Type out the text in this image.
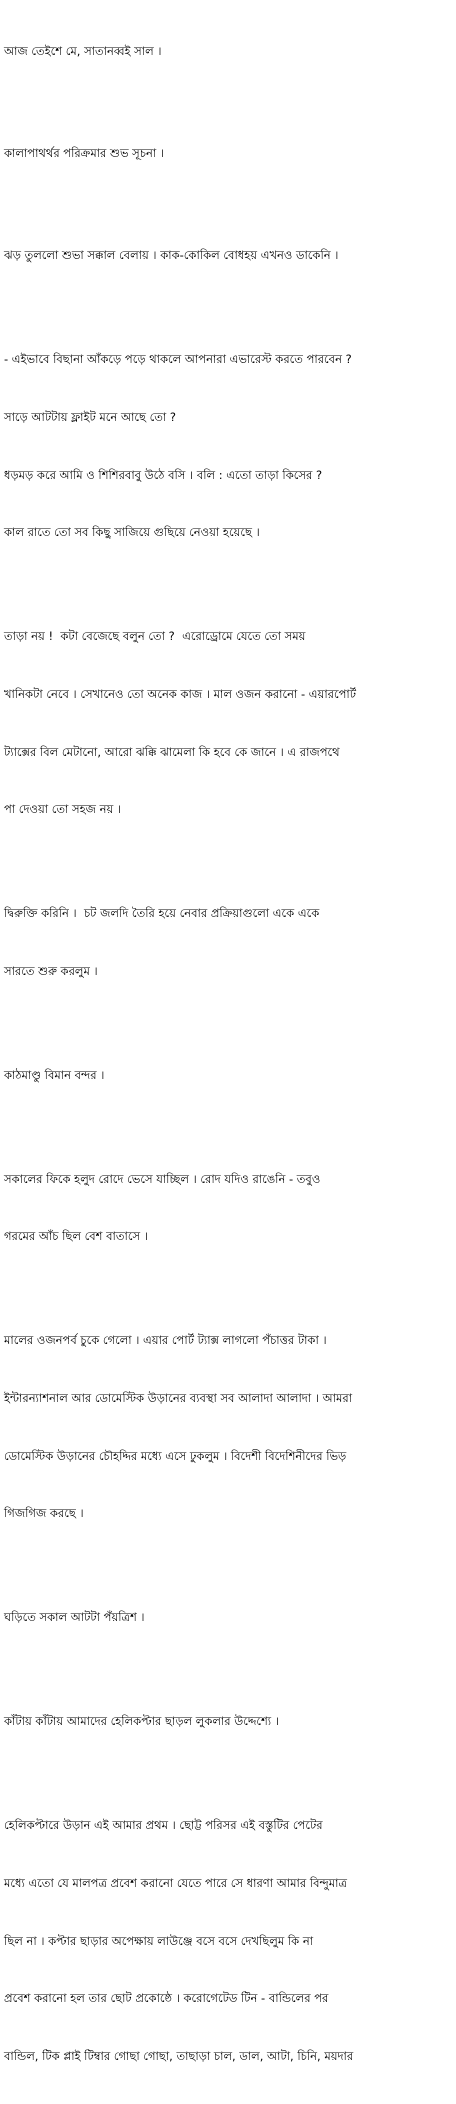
আজ তেইশে মে, সাতানব্বই সাল ।

কালাপাথর্থর পরিক্রমার শুভ সূচনা ।

ঝড় তুললো শুভা সক্কাল বেলায় । কাক-কোকিল বোধহয় এখনও ডাকেনি ।

- এইভাবে বিছানা আঁকড়ে পড়ে থাকলে আপনারা এভারেস্ট করতে পারবেন ?

সাড়ে আটটায় ফ্লাইট মনে আছে তো ?

ধড়মড় করে আমি ও শিশিরবাবু উঠে বসি । বলি : এতো তাড়া কিসের ?

কাল রাতে তো সব কিছু সাজিয়ে গুছিয়ে নেওয়া হয়েছে ।

তাড়া নয় !  কটা বেজেছে বলুন তো ?  এরোড্রোমে যেতে তো সময়

খানিকটা নেবে । সেখানেও তো অনেক কাজ । মাল ওজন করানো - এয়ারপোর্ট

ট্যাক্সের বিল মেটানো, আরো ঝক্কি ঝামেলা কি হবে কে জানে । এ রাজপথে

পা দেওয়া তো সহজ নয় ।

দ্বিরুক্তি করিনি ।  চট জলদি তৈরি হয়ে নেবার প্রক্রিয়াগুলো একে একে

সারতে শুরু করলুম ।

কাঠমাণ্ডু বিমান বন্দর ।

সকালের ফিকে হলুদ রোদে ভেসে যাচ্ছিল । রোদ যদিও রাঙেনি - তবুও

গরমের আঁচ ছিল বেশ বাতাসে ।

মালের ওজনপর্ব চুকে গেলো । এয়ার পোর্ট ট্যাক্স লাগলো পঁচাত্তর টাকা ।

ইন্টারন্যাশনাল আর ডোমেস্টিক উড়ানের ব্যবস্থা সব আলাদা আলাদা । আমরা

ডোমেস্টিক উড়ানের চৌহদ্দির মধ্যে এসে ঢুকলুম । বিদেশী বিদেশিনীদের ভিড়

গিজগিজ করছে ।

ঘড়িতে সকাল আটটা পঁয়ত্রিশ ।

কাঁটায় কাঁটায় আমাদের হেলিকপ্টার ছাড়ল লুকলার উদ্দেশ্যে ।

হেলিকপ্টারে উড়ান এই আমার প্রথম । ছোট্ট পরিসর এই বস্তুটির পেটের

মধ্যে এতো যে মালপত্র প্রবেশ করানো যেতে পারে সে ধারণা আমার বিন্দুমাত্র

ছিল না । কপ্টার ছাড়ার অপেক্ষায় লাউঞ্জে বসে বসে দেখছিলুম কি না

প্রবেশ করানো হল তার ছোট প্রকোষ্ঠে । করোগেটেড টিন - বান্ডিলের পর

বান্ডিল, টিক প্লাই টিম্বার গোছা গোছা, তাছাড়া চাল, ডাল, আটা, চিনি, ময়দার
